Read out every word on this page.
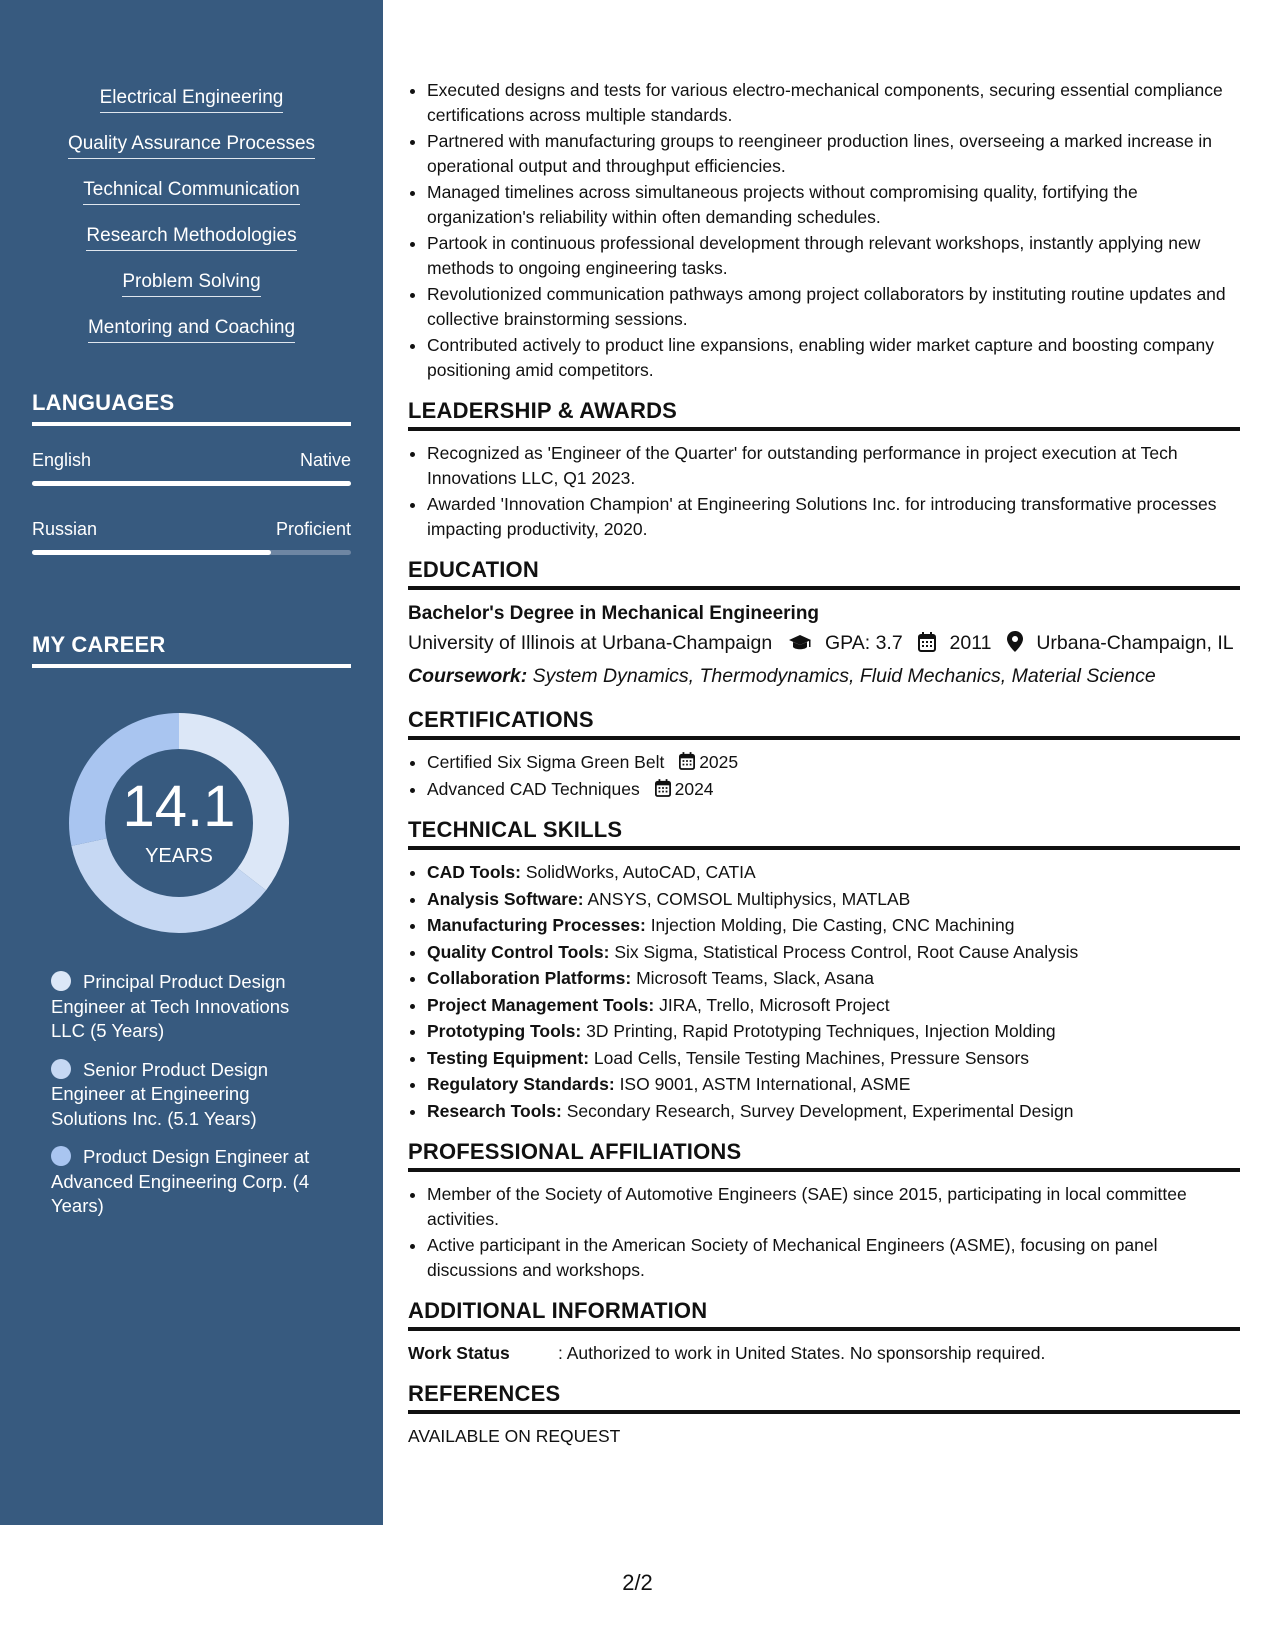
Electrical Engineering
Quality Assurance Processes
Technical Communication
Research Methodologies
Problem Solving
Mentoring and Coaching
LANGUAGES
English	Native
Russian	Proficient
MY CAREER
14.1
YEARS
Principal Product Design Engineer at Tech Innovations LLC (5 Years)
Senior Product Design Engineer at Engineering Solutions Inc. (5.1 Years)
Product Design Engineer at Advanced Engineering Corp. (4 Years)
• Executed designs and tests for various electro-mechanical components, securing essential compliance certifications across multiple standards.
• Partnered with manufacturing groups to reengineer production lines, overseeing a marked increase in operational output and throughput efficiencies.
• Managed timelines across simultaneous projects without compromising quality, fortifying the organization's reliability within often demanding schedules.
• Partook in continuous professional development through relevant workshops, instantly applying new methods to ongoing engineering tasks.
• Revolutionized communication pathways among project collaborators by instituting routine updates and collective brainstorming sessions.
• Contributed actively to product line expansions, enabling wider market capture and boosting company positioning amid competitors.
LEADERSHIP & AWARDS
• Recognized as 'Engineer of the Quarter' for outstanding performance in project execution at Tech Innovations LLC, Q1 2023.
• Awarded 'Innovation Champion' at Engineering Solutions Inc. for introducing transformative processes impacting productivity, 2020.
EDUCATION
Bachelor's Degree in Mechanical Engineering
University of Illinois at Urbana-Champaign	GPA: 3.7 2011 Urbana-Champaign, IL
Coursework: System Dynamics, Thermodynamics, Fluid Mechanics, Material Science
CERTIFICATIONS
• Certified Six Sigma Green Belt 2025
• Advanced CAD Techniques 2024
TECHNICAL SKILLS
• CAD Tools: SolidWorks, AutoCAD, CATIA
• Analysis Software: ANSYS, COMSOL Multiphysics, MATLAB
• Manufacturing Processes: Injection Molding, Die Casting, CNC Machining
• Quality Control Tools: Six Sigma, Statistical Process Control, Root Cause Analysis
• Collaboration Platforms: Microsoft Teams, Slack, Asana
• Project Management Tools: JIRA, Trello, Microsoft Project
• Prototyping Tools: 3D Printing, Rapid Prototyping Techniques, Injection Molding
• Testing Equipment: Load Cells, Tensile Testing Machines, Pressure Sensors
• Regulatory Standards: ISO 9001, ASTM International, ASME
• Research Tools: Secondary Research, Survey Development, Experimental Design
PROFESSIONAL AFFILIATIONS
• Member of the Society of Automotive Engineers (SAE) since 2015, participating in local committee activities.
• Active participant in the American Society of Mechanical Engineers (ASME), focusing on panel discussions and workshops.
ADDITIONAL INFORMATION
Work Status	: Authorized to work in United States. No sponsorship required.
REFERENCES
AVAILABLE ON REQUEST
2/2
